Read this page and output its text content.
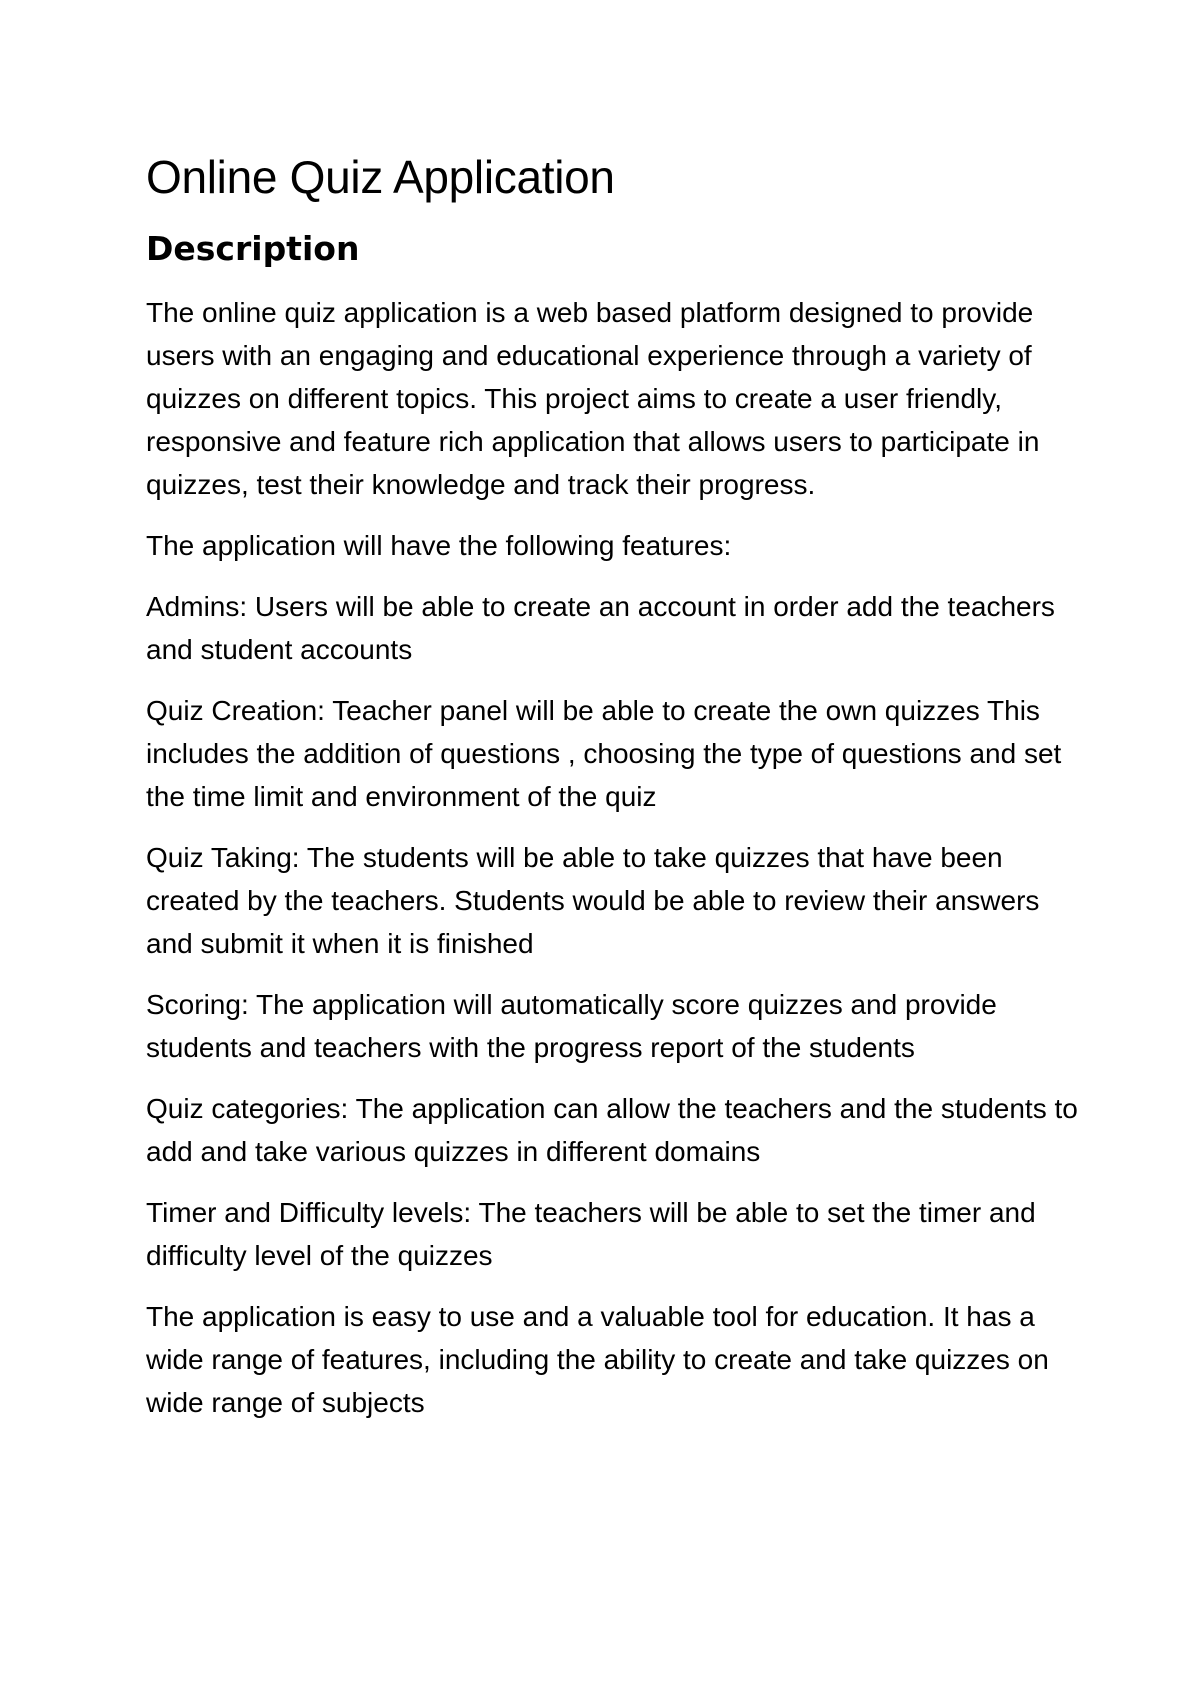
Online Quiz Application
Description

The online quiz application is a web based platform designed to provide users with an engaging and educational experience through a variety of quizzes on different topics. This project aims to create a user friendly, responsive and feature rich application that allows users to participate in quizzes, test their knowledge and track their progress.

The application will have the following features:

Admins: Users will be able to create an account in order add the teachers and student accounts

Quiz Creation: Teacher panel will be able to create the own quizzes This includes the addition of questions , choosing the type of questions and set the time limit and environment of the quiz

Quiz Taking: The students will be able to take quizzes that have been created by the teachers. Students would be able to review their answers and submit it when it is finished

Scoring: The application will automatically score quizzes and provide students and teachers with the progress report of the students

Quiz categories: The application can allow the teachers and the students to add and take various quizzes in different domains

Timer and Difficulty levels: The teachers will be able to set the timer and difficulty level of the quizzes

The application is easy to use and a valuable tool for education. It has a wide range of features, including the ability to create and take quizzes on wide range of subjects
